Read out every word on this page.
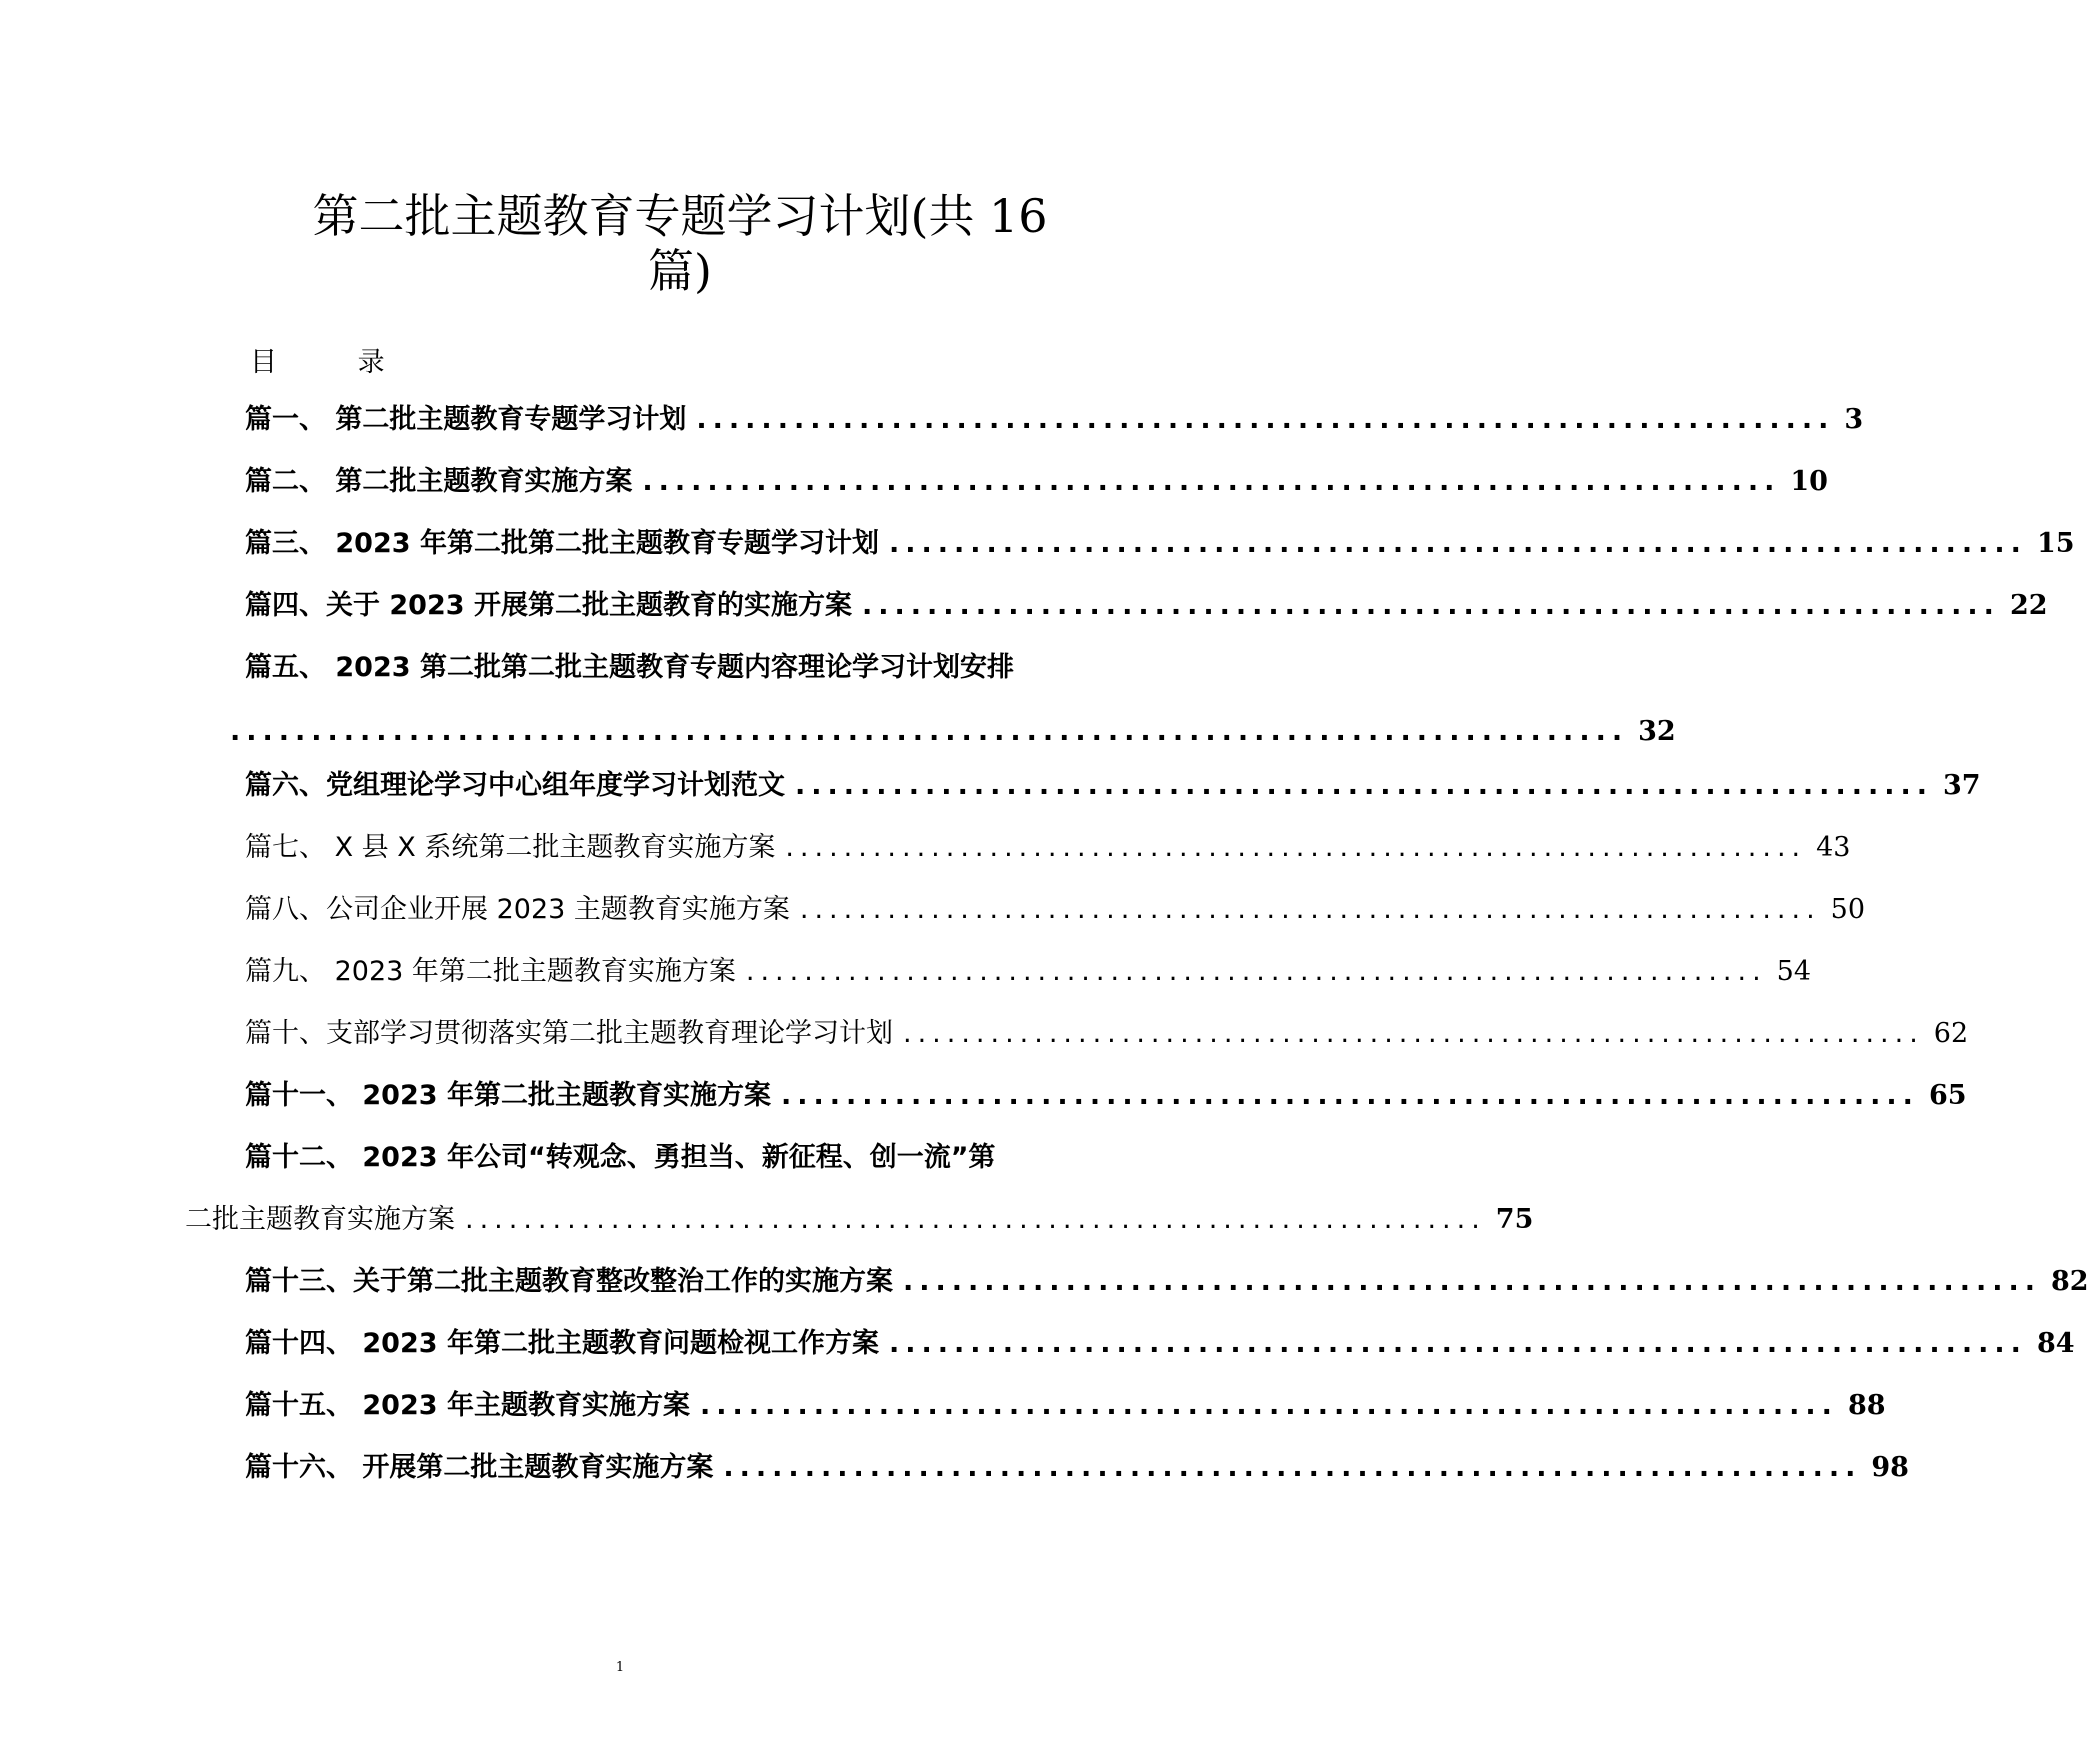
第二批主题教育专题学习计划(共 16
篇)
目 录
篇一、 第二批主题教育专题学习计划 ...................................................................... 3
篇二、 第二批主题教育实施方案 ...................................................................... 10
篇三、 2023 年第二批第二批主题教育专题学习计划 ...................................................................... 15
篇四、关于 2023 开展第二批主题教育的实施方案 ...................................................................... 22
篇五、 2023 第二批第二批主题教育专题内容理论学习计划安排
...................................................................................... 32
篇六、党组理论学习中心组年度学习计划范文 ...................................................................... 37
篇七、 X 县 X 系统第二批主题教育实施方案 ...................................................................... 43
篇八、公司企业开展 2023 主题教育实施方案 ...................................................................... 50
篇九、 2023 年第二批主题教育实施方案 ...................................................................... 54
篇十、支部学习贯彻落实第二批主题教育理论学习计划 ...................................................................... 62
篇十一、 2023 年第二批主题教育实施方案 ...................................................................... 65
篇十二、 2023 年公司“转观念、勇担当、新征程、创一流”第
二批主题教育实施方案 ...................................................................... 75
篇十三、关于第二批主题教育整改整治工作的实施方案 ...................................................................... 82
篇十四、 2023 年第二批主题教育问题检视工作方案 ...................................................................... 84
篇十五、 2023 年主题教育实施方案 ...................................................................... 88
篇十六、 开展第二批主题教育实施方案 ...................................................................... 98
1
